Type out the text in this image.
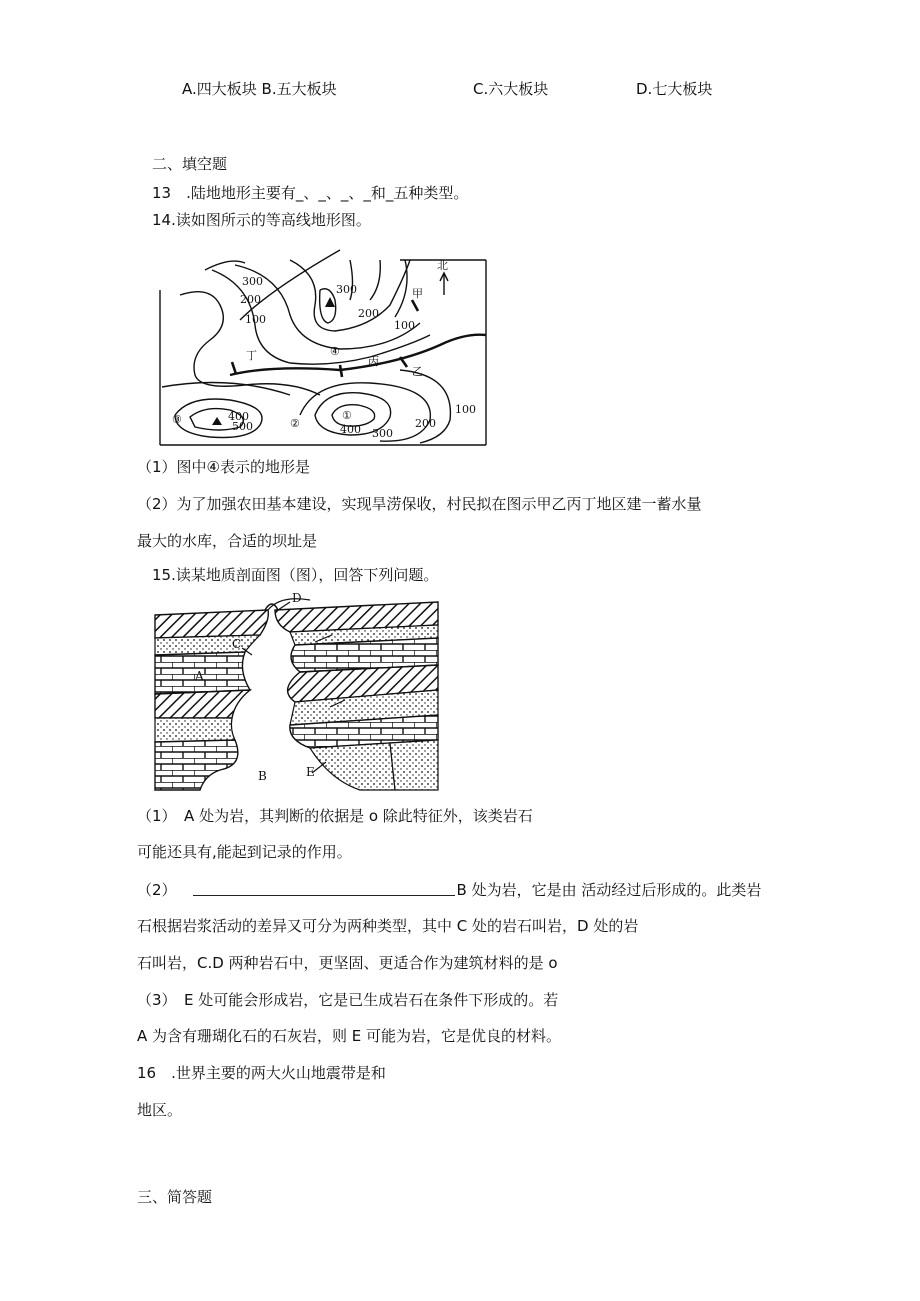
A.四大板块 B.五大板块	C.六大板块	D.七大板块
二、填空题
13　.陆地地形主要有_、_、_、_和_五种类型。
14.读如图所示的等高线地形图。
北
300
200
100
300
200
100
400
500	400 300
200
100
甲
乙
丙
丁	④
③	②
①
（1）图中④表示的地形是
（2）为了加强农田基本建设，实现旱涝保收，村民拟在图示甲乙丙丁地区建一蓄水量
最大的水库，合适的坝址是
15.读某地质剖面图（图），回答下列问题。
D
C
A
B	E
（1）　A 处为岩，其判断的依据是 o 除此特征外，该类岩石
可能还具有,能起到记录的作用。
（2）	B 处为岩，它是由 活动经过后形成的。此类岩
石根据岩浆活动的差异又可分为两种类型，其中 C 处的岩石叫岩，D 处的岩
石叫岩，C.D 两种岩石中，更坚固、更适合作为建筑材料的是 o
（3）　E 处可能会形成岩，它是已生成岩石在条件下形成的。若
A 为含有珊瑚化石的石灰岩，则 E 可能为岩，它是优良的材料。
16　.世界主要的两大火山地震带是和
地区。
三、简答题
